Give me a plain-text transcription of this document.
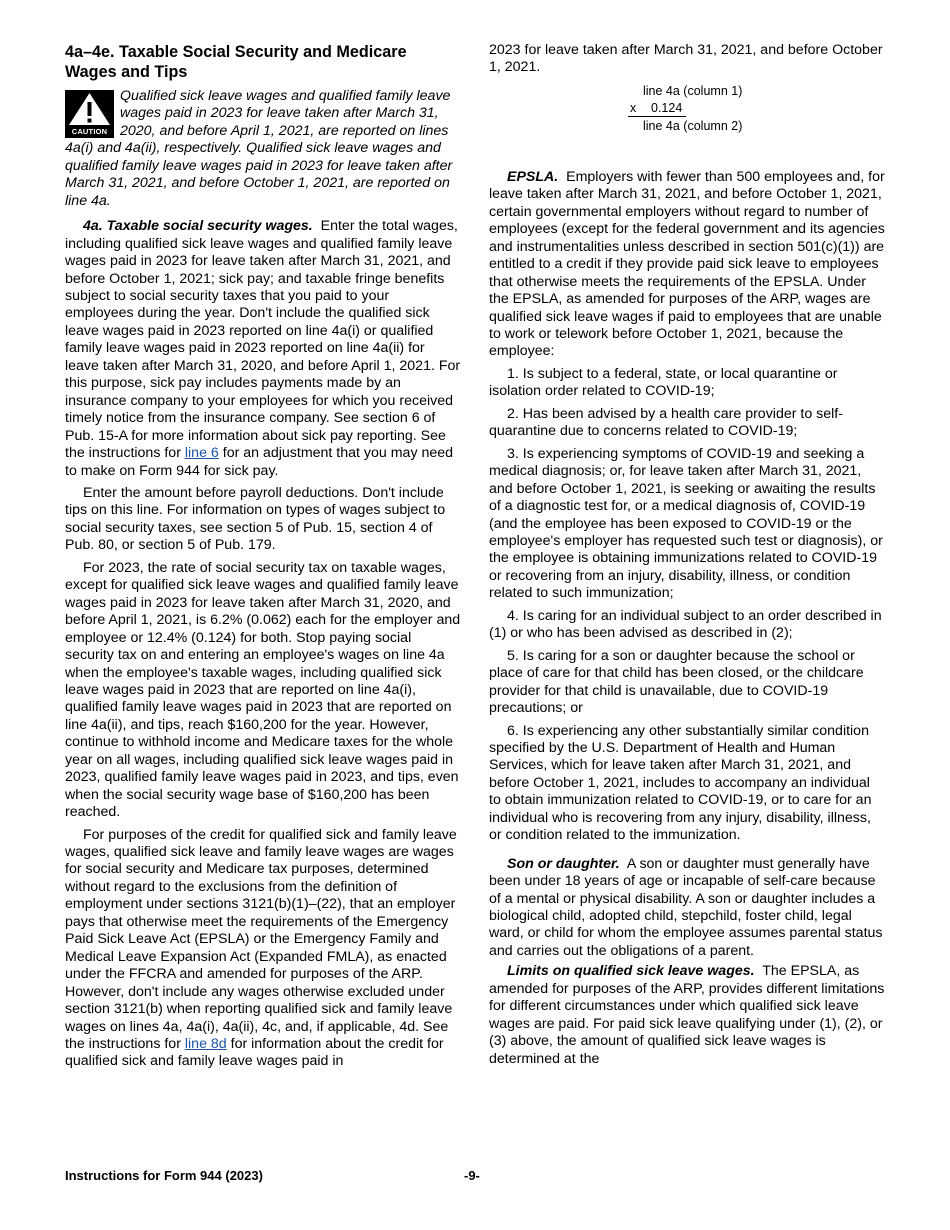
4a–4e. Taxable Social Security and Medicare Wages and Tips

CAUTION
Qualified sick leave wages and qualified family leave wages paid in 2023 for leave taken after March 31, 2020, and before April 1, 2021, are reported on lines 4a(i) and 4a(ii), respectively. Qualified sick leave wages and qualified family leave wages paid in 2023 for leave taken after March 31, 2021, and before October 1, 2021, are reported on line 4a.

4a. Taxable social security wages. Enter the total wages, including qualified sick leave wages and qualified family leave wages paid in 2023 for leave taken after March 31, 2021, and before October 1, 2021; sick pay; and taxable fringe benefits subject to social security taxes that you paid to your employees during the year. Don't include the qualified sick leave wages paid in 2023 reported on line 4a(i) or qualified family leave wages paid in 2023 reported on line 4a(ii) for leave taken after March 31, 2020, and before April 1, 2021. For this purpose, sick pay includes payments made by an insurance company to your employees for which you received timely notice from the insurance company. See section 6 of Pub. 15-A for more information about sick pay reporting. See the instructions for line 6 for an adjustment that you may need to make on Form 944 for sick pay.

Enter the amount before payroll deductions. Don't include tips on this line. For information on types of wages subject to social security taxes, see section 5 of Pub. 15, section 4 of Pub. 80, or section 5 of Pub. 179.

For 2023, the rate of social security tax on taxable wages, except for qualified sick leave wages and qualified family leave wages paid in 2023 for leave taken after March 31, 2020, and before April 1, 2021, is 6.2% (0.062) each for the employer and employee or 12.4% (0.124) for both. Stop paying social security tax on and entering an employee's wages on line 4a when the employee's taxable wages, including qualified sick leave wages paid in 2023 that are reported on line 4a(i), qualified family leave wages paid in 2023 that are reported on line 4a(ii), and tips, reach $160,200 for the year. However, continue to withhold income and Medicare taxes for the whole year on all wages, including qualified sick leave wages paid in 2023, qualified family leave wages paid in 2023, and tips, even when the social security wage base of $160,200 has been reached.

For purposes of the credit for qualified sick and family leave wages, qualified sick leave and family leave wages are wages for social security and Medicare tax purposes, determined without regard to the exclusions from the definition of employment under sections 3121(b)(1)–(22), that an employer pays that otherwise meet the requirements of the Emergency Paid Sick Leave Act (EPSLA) or the Emergency Family and Medical Leave Expansion Act (Expanded FMLA), as enacted under the FFCRA and amended for purposes of the ARP. However, don't include any wages otherwise excluded under section 3121(b) when reporting qualified sick and family leave wages on lines 4a, 4a(i), 4a(ii), 4c, and, if applicable, 4d. See the instructions for line 8d for information about the credit for qualified sick and family leave wages paid in

2023 for leave taken after March 31, 2021, and before October 1, 2021.

line 4a (column 1)
x 0.124
line 4a (column 2)

EPSLA. Employers with fewer than 500 employees and, for leave taken after March 31, 2021, and before October 1, 2021, certain governmental employers without regard to number of employees (except for the federal government and its agencies and instrumentalities unless described in section 501(c)(1)) are entitled to a credit if they provide paid sick leave to employees that otherwise meets the requirements of the EPSLA. Under the EPSLA, as amended for purposes of the ARP, wages are qualified sick leave wages if paid to employees that are unable to work or telework before October 1, 2021, because the employee:

1. Is subject to a federal, state, or local quarantine or isolation order related to COVID-19;

2. Has been advised by a health care provider to self-quarantine due to concerns related to COVID-19;

3. Is experiencing symptoms of COVID-19 and seeking a medical diagnosis; or, for leave taken after March 31, 2021, and before October 1, 2021, is seeking or awaiting the results of a diagnostic test for, or a medical diagnosis of, COVID-19 (and the employee has been exposed to COVID-19 or the employee's employer has requested such test or diagnosis), or the employee is obtaining immunizations related to COVID-19 or recovering from an injury, disability, illness, or condition related to such immunization;

4. Is caring for an individual subject to an order described in (1) or who has been advised as described in (2);

5. Is caring for a son or daughter because the school or place of care for that child has been closed, or the childcare provider for that child is unavailable, due to COVID-19 precautions; or

6. Is experiencing any other substantially similar condition specified by the U.S. Department of Health and Human Services, which for leave taken after March 31, 2021, and before October 1, 2021, includes to accompany an individual to obtain immunization related to COVID-19, or to care for an individual who is recovering from any injury, disability, illness, or condition related to the immunization.

Son or daughter. A son or daughter must generally have been under 18 years of age or incapable of self-care because of a mental or physical disability. A son or daughter includes a biological child, adopted child, stepchild, foster child, legal ward, or child for whom the employee assumes parental status and carries out the obligations of a parent.

Limits on qualified sick leave wages. The EPSLA, as amended for purposes of the ARP, provides different limitations for different circumstances under which qualified sick leave wages are paid. For paid sick leave qualifying under (1), (2), or (3) above, the amount of qualified sick leave wages is determined at the

Instructions for Form 944 (2023)	-9-
